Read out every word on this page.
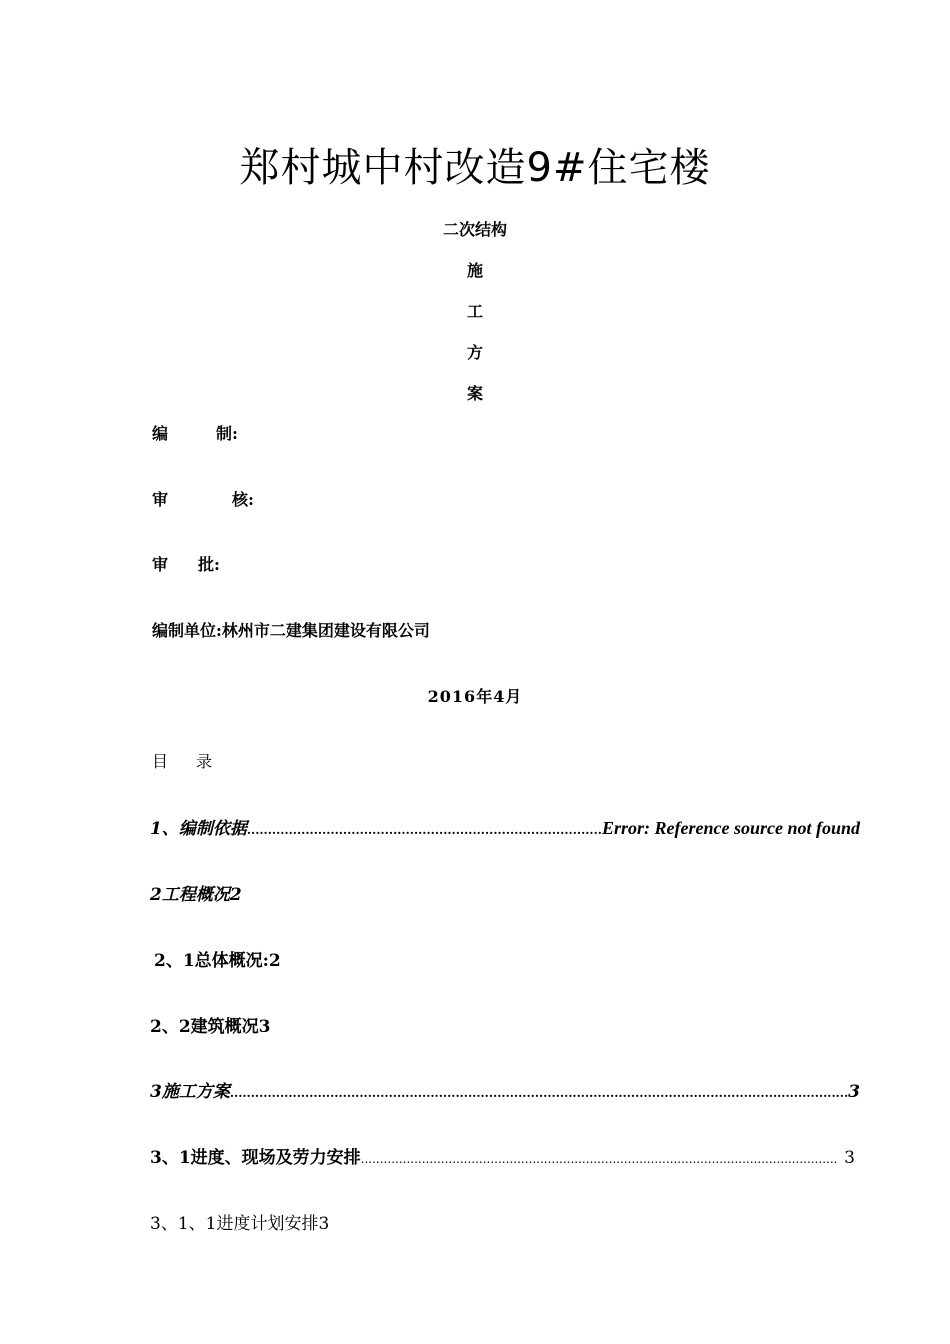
郑村城中村改造9#住宅楼
二次结构
施
工
方
案
编	制:
审	核:
审 批:
编制单位:林州市二建集团建设有限公司
2016年4月
目 录
1、编制依据 .....	Error: Reference source not found
2工程概况2
2、1总体概况:2
2、2建筑概况3
3施工方案 .....	3
3、1进度、现场及劳力安排 .....	3
3、1、1进度计划安排3
